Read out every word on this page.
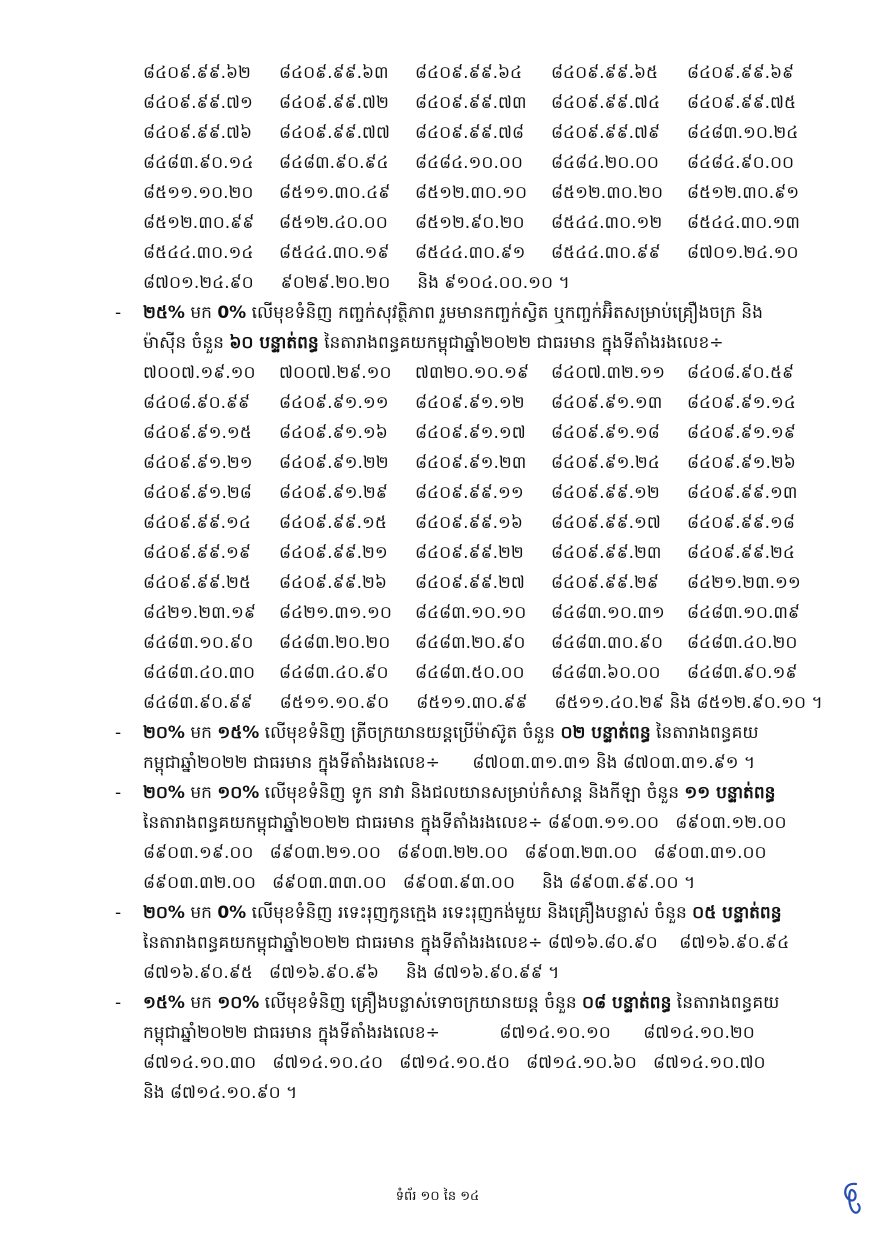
៨៤០៩.៩៩.៦២	៨៤០៩.៩៩.៦៣	៨៤០៩.៩៩.៦៤	៨៤០៩.៩៩.៦៥	៨៤០៩.៩៩.៦៩
៨៤០៩.៩៩.៧១	៨៤០៩.៩៩.៧២	៨៤០៩.៩៩.៧៣	៨៤០៩.៩៩.៧៤	៨៤០៩.៩៩.៧៥
៨៤០៩.៩៩.៧៦	៨៤០៩.៩៩.៧៧	៨៤០៩.៩៩.៧៨	៨៤០៩.៩៩.៧៩	៨៤៨៣.១០.២៤
៨៤៨៣.៩០.១៤	៨៤៨៣.៩០.៩៤	៨៤៨៤.១០.០០	៨៤៨៤.២០.០០	៨៤៨៤.៩០.០០
៨៥១១.១០.២០	៨៥១១.៣០.៤៩	៨៥១២.៣០.១០	៨៥១២.៣០.២០	៨៥១២.៣០.៩១
៨៥១២.៣០.៩៩	៨៥១២.៤០.០០	៨៥១២.៩០.២០	៨៥៤៤.៣០.១២	៨៥៤៤.៣០.១៣
៨៥៤៤.៣០.១៤	៨៥៤៤.៣០.១៩	៨៥៤៤.៣០.៩១	៨៥៤៤.៣០.៩៩	៨៧០១.២៤.១០
៨៧០១.២៤.៩០     ៩០២៩.២០.២០     និង ៩១០៤.០០.១០ ។
- ២៥% មក 0% លើមុខទំនិញ កញ្ចក់សុវត្ថិភាព រួមមានកញ្ចក់ស្វិត ឬកញ្ចក់អ៊ិតសម្រាប់គ្រឿងចក្រ និង
ម៉ាស៊ីន ចំនួន ៦០ បន្ទាត់ពន្ធ នៃតារាងពន្ធគយកម្ពុជាឆ្នាំ២០២២ ជាធរមាន ក្នុងទីតាំងរងលេខ÷
៧០០៧.១៩.១០	៧០០៧.២៩.១០	៧៣២០.១០.១៩	៨៤០៧.៣២.១១	៨៤០៨.៩០.៥៩
៨៤០៨.៩០.៩៩	៨៤០៩.៩១.១១	៨៤០៩.៩១.១២	៨៤០៩.៩១.១៣	៨៤០៩.៩១.១៤
៨៤០៩.៩១.១៥	៨៤០៩.៩១.១៦	៨៤០៩.៩១.១៧	៨៤០៩.៩១.១៨	៨៤០៩.៩១.១៩
៨៤០៩.៩១.២១	៨៤០៩.៩១.២២	៨៤០៩.៩១.២៣	៨៤០៩.៩១.២៤	៨៤០៩.៩១.២៦
៨៤០៩.៩១.២៨	៨៤០៩.៩១.២៩	៨៤០៩.៩៩.១១	៨៤០៩.៩៩.១២	៨៤០៩.៩៩.១៣
៨៤០៩.៩៩.១៤	៨៤០៩.៩៩.១៥	៨៤០៩.៩៩.១៦	៨៤០៩.៩៩.១៧	៨៤០៩.៩៩.១៨
៨៤០៩.៩៩.១៩	៨៤០៩.៩៩.២១	៨៤០៩.៩៩.២២	៨៤០៩.៩៩.២៣	៨៤០៩.៩៩.២៤
៨៤០៩.៩៩.២៥	៨៤០៩.៩៩.២៦	៨៤០៩.៩៩.២៧	៨៤០៩.៩៩.២៩	៨៤២១.២៣.១១
៨៤២១.២៣.១៩	៨៤២១.៣១.១០	៨៤៨៣.១០.១០	៨៤៨៣.១០.៣១	៨៤៨៣.១០.៣៩
៨៤៨៣.១០.៩០	៨៤៨៣.២០.២០	៨៤៨៣.២០.៩០	៨៤៨៣.៣០.៩០	៨៤៨៣.៤០.២០
៨៤៨៣.៤០.៣០	៨៤៨៣.៤០.៩០	៨៤៨៣.៥០.០០	៨៤៨៣.៦០.០០	៨៤៨៣.៩០.១៩
៨៤៨៣.៩០.៩៩     ៨៥១១.១០.៩០     ៨៥១១.៣០.៩៩     ៨៥១១.៤០.២៩ និង ៨៥១២.៩០.១០ ។
- ២០% មក ១៥% លើមុខទំនិញ ត្រីចក្រយានយន្តប្រើម៉ាស៊ូត ចំនួន ០២ បន្ទាត់ពន្ធ នៃតារាងពន្ធគយ
កម្ពុជាឆ្នាំ២០២២ ជាធរមាន ក្នុងទីតាំងរងលេខ÷      ៨៧០៣.៣១.៣១ និង ៨៧០៣.៣១.៩១ ។
- ២០% មក ១០% លើមុខទំនិញ ទូក នាវា និងជលយានសម្រាប់កំសាន្ត និងកីឡា ចំនួន ១១ បន្ទាត់ពន្ធ
នៃតារាងពន្ធគយកម្ពុជាឆ្នាំ២០២២ ជាធរមាន ក្នុងទីតាំងរងលេខ÷ ៨៩០៣.១១.០០   ៨៩០៣.១២.០០
៨៩០៣.១៩.០០   ៨៩០៣.២១.០០   ៨៩០៣.២២.០០   ៨៩០៣.២៣.០០   ៨៩០៣.៣១.០០
៨៩០៣.៣២.០០   ៨៩០៣.៣៣.០០   ៨៩០៣.៩៣.០០     និង ៨៩០៣.៩៩.០០ ។
- ២០% មក 0% លើមុខទំនិញ រទេះរុញកូនក្មេង រទេះរុញកង់មួយ និងគ្រឿងបន្លាស់ ចំនួន ០៥ បន្ទាត់ពន្ធ
នៃតារាងពន្ធគយកម្ពុជាឆ្នាំ២០២២ ជាធរមាន ក្នុងទីតាំងរងលេខ÷ ៨៧១៦.៨០.៩០    ៨៧១៦.៩០.៩៤
៨៧១៦.៩០.៩៥   ៨៧១៦.៩០.៩៦     និង ៨៧១៦.៩០.៩៩ ។
- ១៥% មក ១០% លើមុខទំនិញ គ្រឿងបន្លាស់ទោចក្រយានយន្ត ចំនួន ០៨ បន្ទាត់ពន្ធ នៃតារាងពន្ធគយ
កម្ពុជាឆ្នាំ២០២២ ជាធរមាន ក្នុងទីតាំងរងលេខ÷           ៨៧១៤.១០.១០      ៨៧១៤.១០.២០
៨៧១៤.១០.៣០   ៨៧១៤.១០.៤០   ៨៧១៤.១០.៥០   ៨៧១៤.១០.៦០   ៨៧១៤.១០.៧០
និង ៨៧១៤.១០.៩០ ។
ទំព័រ ១០ នៃ ១៤
